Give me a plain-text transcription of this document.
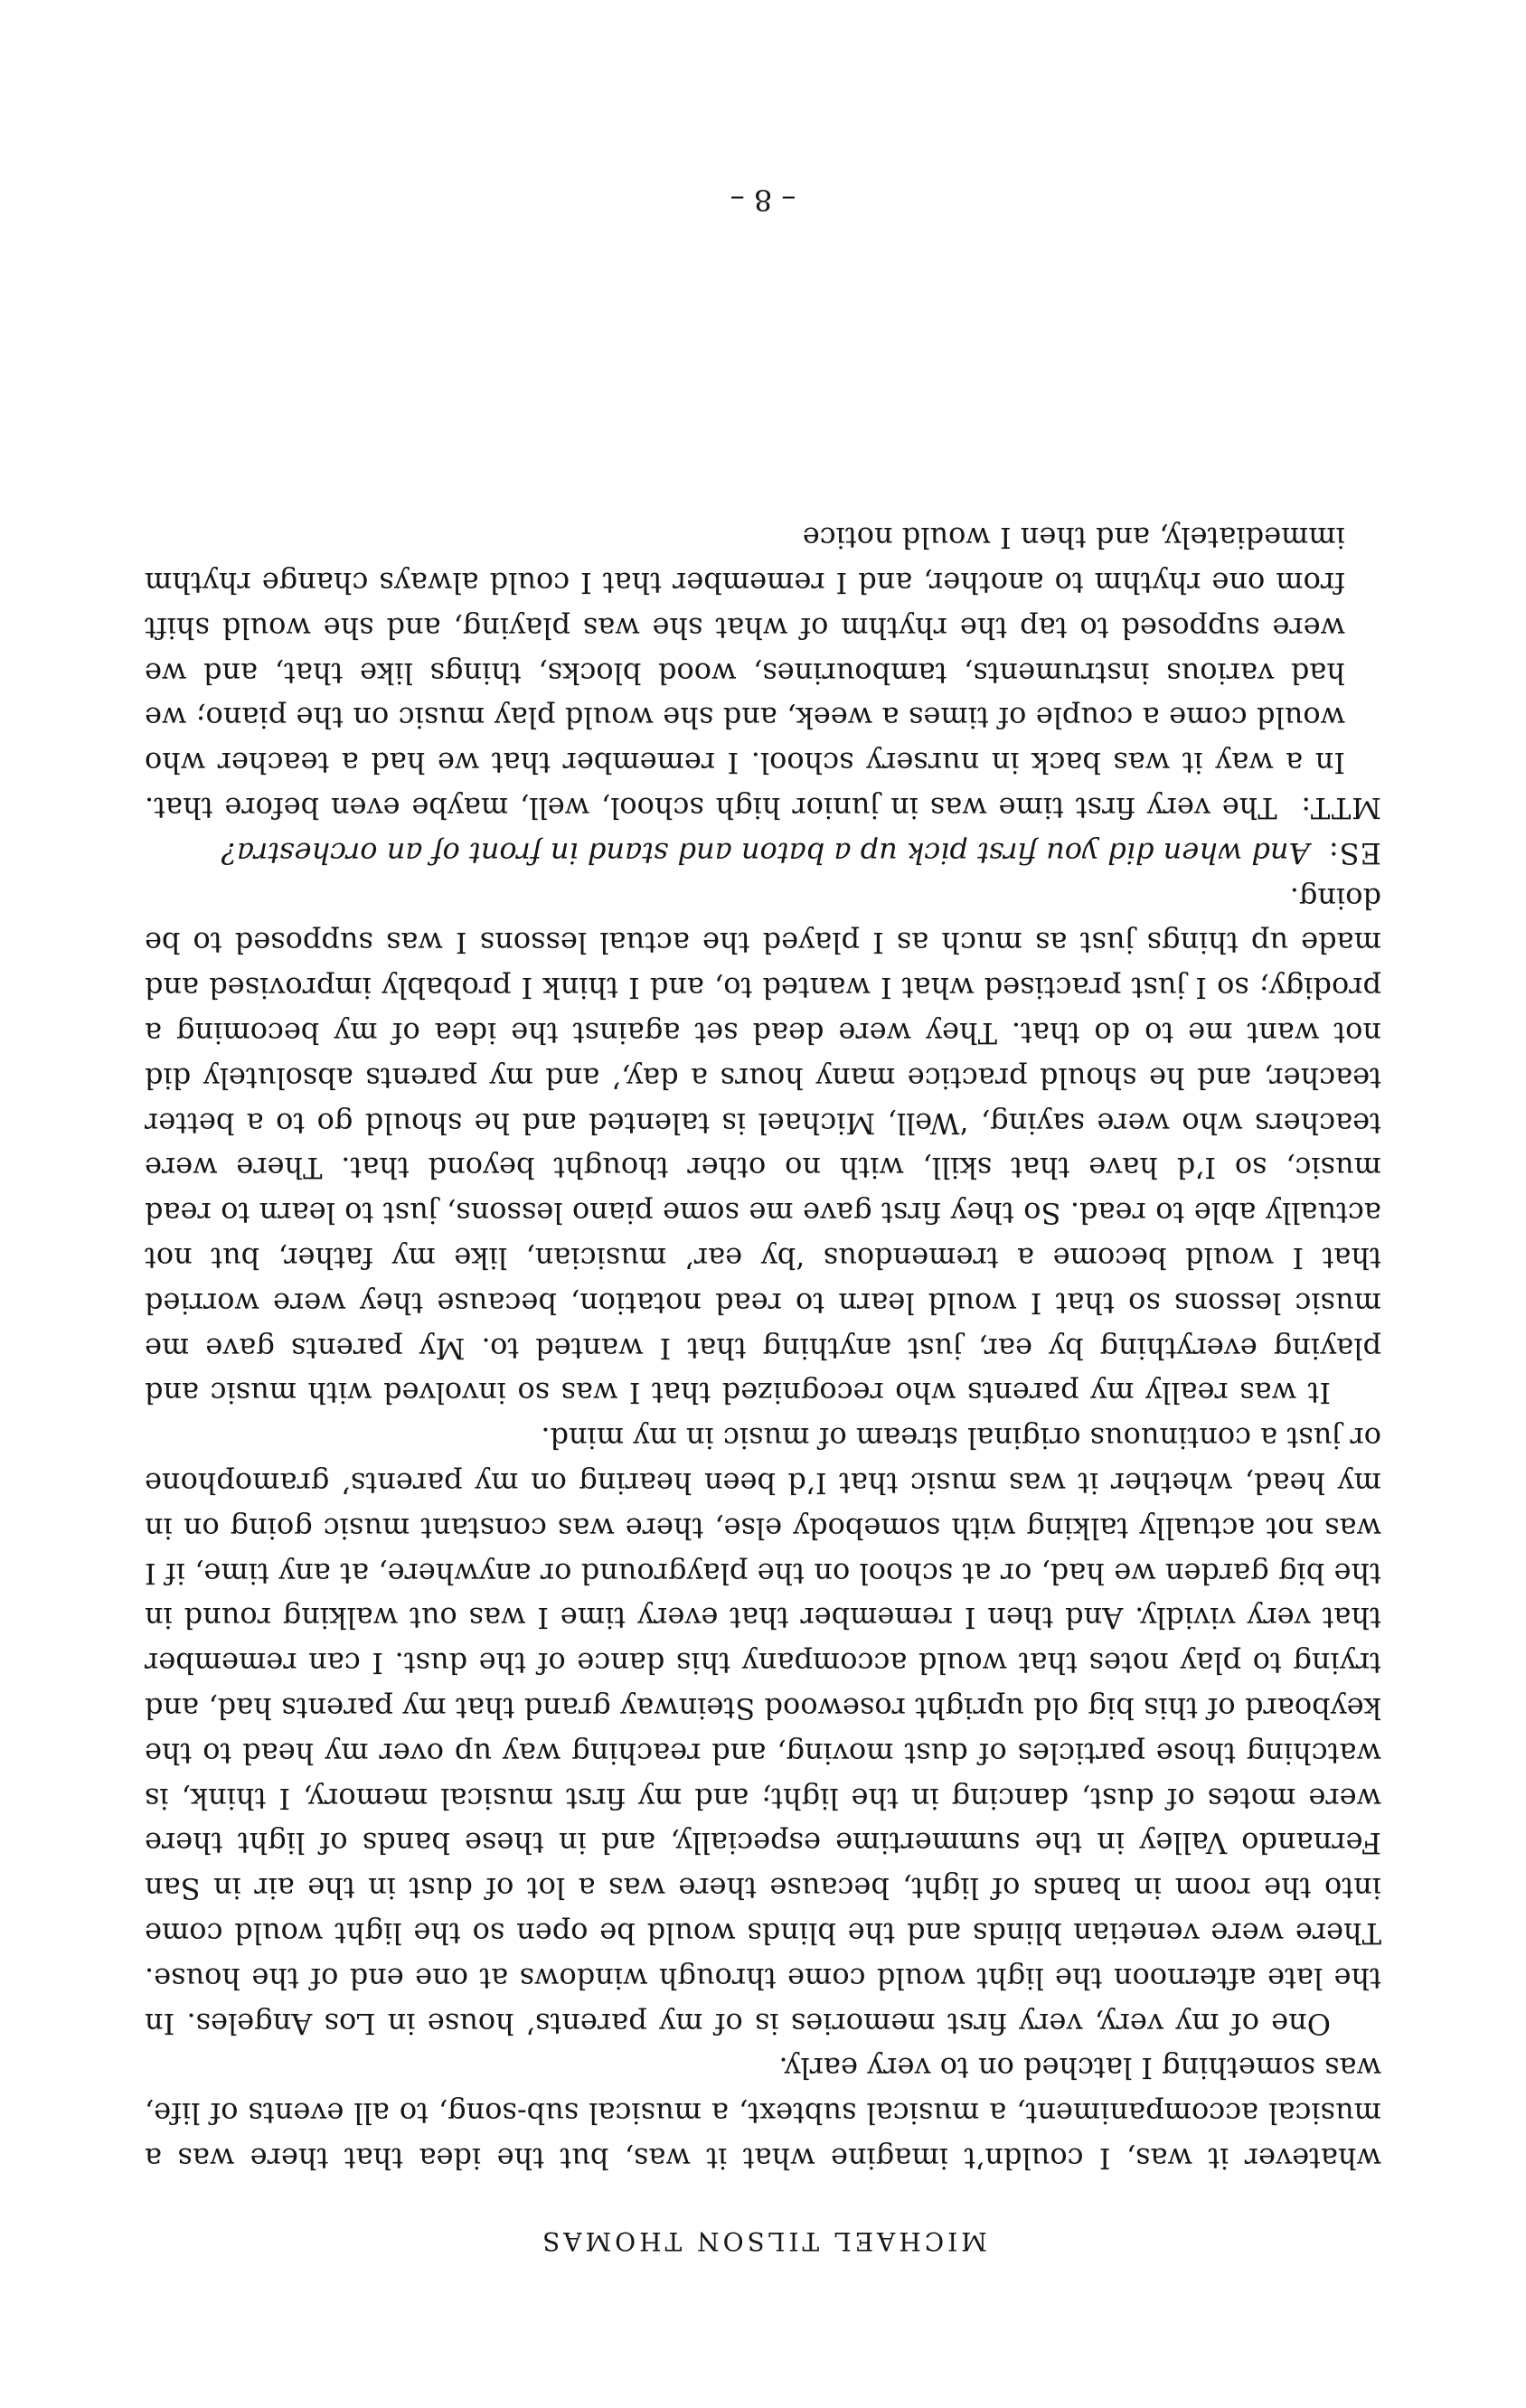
MICHAEL TILSON THOMAS

whatever it was, I couldn’t imagine what it was, but the idea that there was a musical accompaniment, a musical subtext, a musical sub-song, to all events of life, was something I latched on to very early.

One of my very, very first memories is of my parents’ house in Los Angeles. In the late afternoon the light would come through windows at one end of the house. There were venetian blinds and the blinds would be open so the light would come into the room in bands of light, because there was a lot of dust in the air in San Fernando Valley in the summertime especially, and in these bands of light there were motes of dust, dancing in the light; and my first musical memory, I think, is watching those particles of dust moving, and reaching way up over my head to the keyboard of this big old upright rosewood Steinway grand that my parents had, and trying to play notes that would accompany this dance of the dust. I can remember that very vividly. And then I remember that every time I was out walking round in the big garden we had, or at school on the playground or anywhere, at any time, if I was not actually talking with somebody else, there was constant music going on in my head, whether it was music that I’d been hearing on my parents’ gramophone or just a continuous original stream of music in my mind.

It was really my parents who recognized that I was so involved with music and playing everything by ear, just anything that I wanted to. My parents gave me music lessons so that I would learn to read notation, because they were worried that I would become a tremendous ‘by ear’ musician, like my father, but not actually able to read. So they first gave me some piano lessons, just to learn to read music, so I’d have that skill, with no other thought beyond that. There were teachers who were saying, ‘Well, Michael is talented and he should go to a better teacher, and he should practice many hours a day,’ and my parents absolutely did not want me to do that. They were dead set against the idea of my becoming a prodigy; so I just practised what I wanted to, and I think I probably improvised and made up things just as much as I played the actual lessons I was supposed to be doing.

ES:  And when did you first pick up a baton and stand in front of an orchestra?

MTT:  The very first time was in junior high school, well, maybe even before that. In a way it was back in nursery school. I remember that we had a teacher who would come a couple of times a week, and she would play music on the piano; we had various instruments, tambourines, wood blocks, things like that, and we were supposed to tap the rhythm of what she was playing, and she would shift from one rhythm to another, and I remember that I could always change rhythm immediately, and then I would notice

– 8 –
